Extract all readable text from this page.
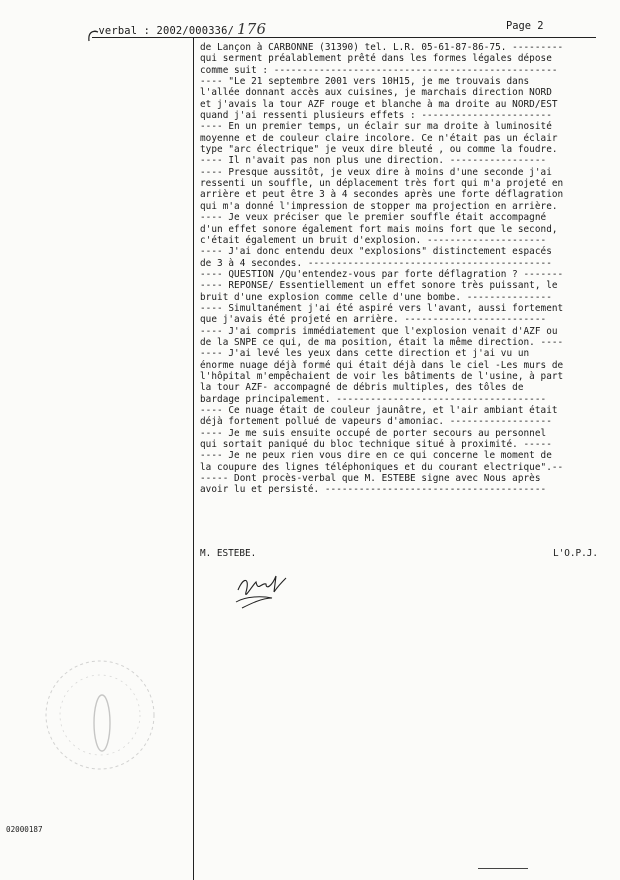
-verbal : 2002/000336/ 176	Page 2
de Lançon à CARBONNE (31390) tel. L.R. 05-61-87-86-75. ---------
qui serment préalablement prêté dans les formes légales dépose
comme suit : --------------------------------------------------
---- "Le 21 septembre 2001 vers 10H15, je me trouvais dans
l'allée donnant accès aux cuisines, je marchais direction NORD
et j'avais la tour AZF rouge et blanche à ma droite au NORD/EST
quand j'ai ressenti plusieurs effets : -----------------------
---- En un premier temps, un éclair sur ma droite à luminosité
moyenne et de couleur claire incolore. Ce n'était pas un éclair
type "arc électrique" je veux dire bleuté , ou comme la foudre.
---- Il n'avait pas non plus une direction. -----------------
---- Presque aussitôt, je veux dire à moins d'une seconde j'ai
ressenti un souffle, un déplacement très fort qui m'a projeté en
arrière et peut être 3 à 4 secondes après une forte déflagration
qui m'a donné l'impression de stopper ma projection en arrière.
---- Je veux préciser que le premier souffle était accompagné
d'un effet sonore également fort mais moins fort que le second,
c'était également un bruit d'explosion. ---------------------
---- J'ai donc entendu deux "explosions" distinctement espacés
de 3 à 4 secondes. -------------------------------------------
---- QUESTION /Qu'entendez-vous par forte déflagration ? -------
---- REPONSE/ Essentiellement un effet sonore très puissant, le
bruit d'une explosion comme celle d'une bombe. ---------------
---- Simultanément j'ai été aspiré vers l'avant, aussi fortement
que j'avais été projeté en arrière. -------------------------
---- J'ai compris immédiatement que l'explosion venait d'AZF ou
de la SNPE ce qui, de ma position, était la même direction. ----
---- J'ai levé les yeux dans cette direction et j'ai vu un
énorme nuage déjà formé qui était déjà dans le ciel -Les murs de
l'hôpital m'empêchaient de voir les bâtiments de l'usine, à part
la tour AZF- accompagné de débris multiples, des tôles de
bardage principalement. -------------------------------------
---- Ce nuage était de couleur jaunâtre, et l'air ambiant était
déjà fortement pollué de vapeurs d'amoniac. ------------------
---- Je me suis ensuite occupé de porter secours au personnel
qui sortait paniqué du bloc technique situé à proximité. -----
---- Je ne peux rien vous dire en ce qui concerne le moment de
la coupure des lignes téléphoniques et du courant electrique".--
----- Dont procès-verbal que M. ESTEBE signe avec Nous après
avoir lu et persisté. ---------------------------------------
M. ESTEBE.	L'O.P.J.
02000187
